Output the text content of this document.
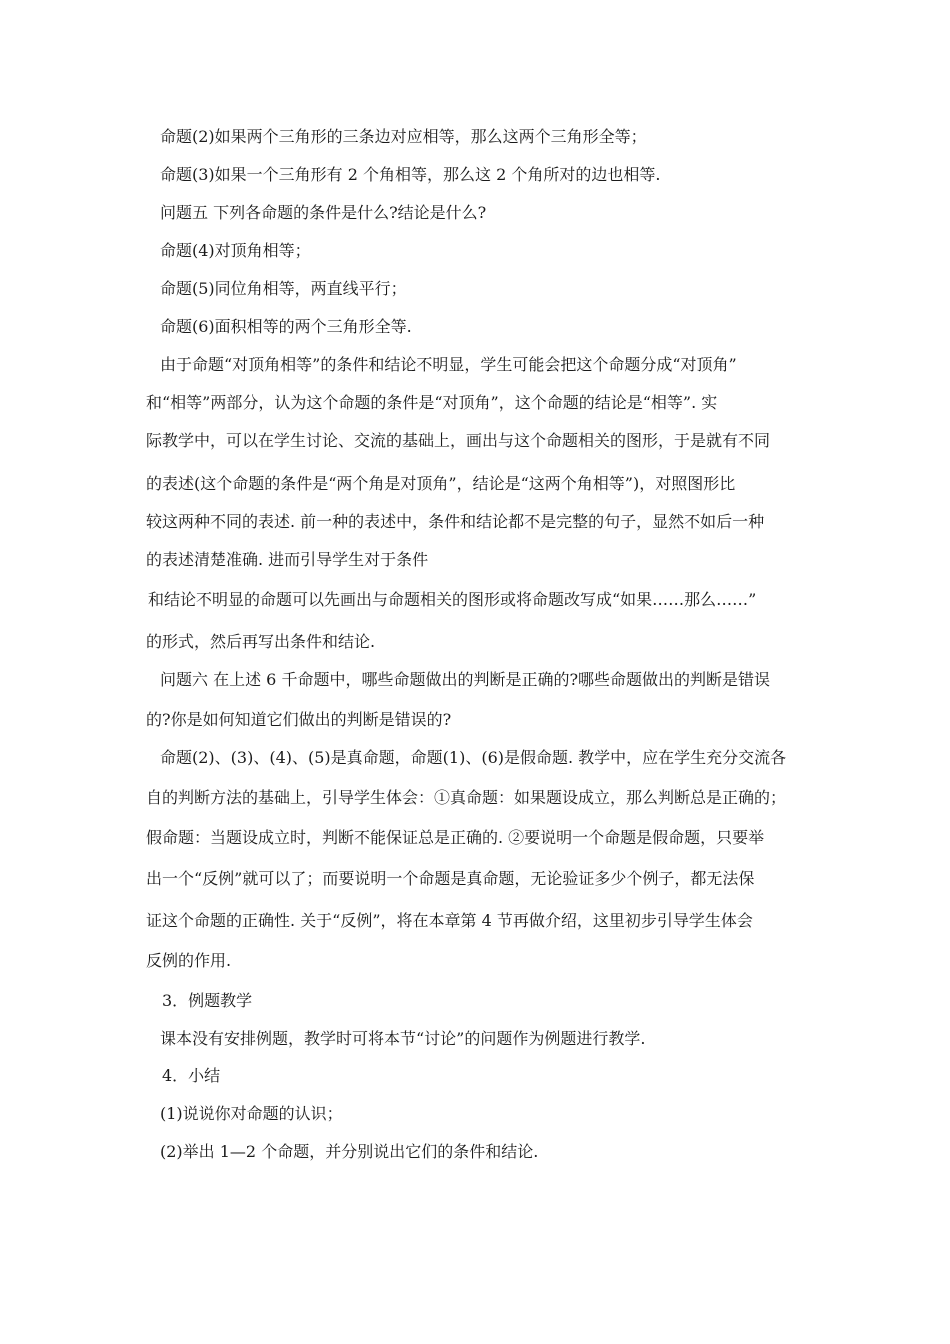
命题(2)如果两个三角形的三条边对应相等，那么这两个三角形全等；
命题(3)如果一个三角形有 2 个角相等，那么这 2 个角所对的边也相等.
问题五 下列各命题的条件是什么?结论是什么?
命题(4)对顶角相等；
命题(5)同位角相等，两直线平行；
命题(6)面积相等的两个三角形全等.
由于命题“对顶角相等”的条件和结论不明显，学生可能会把这个命题分成“对顶角”
和“相等”两部分，认为这个命题的条件是“对顶角”，这个命题的结论是“相等”. 实
际教学中，可以在学生讨论、交流的基础上，画出与这个命题相关的图形，于是就有不同
的表述(这个命题的条件是“两个角是对顶角”，结论是“这两个角相等”)，对照图形比
较这两种不同的表述. 前一种的表述中，条件和结论都不是完整的句子，显然不如后一种
的表述清楚准确. 进而引导学生对于条件
和结论不明显的命题可以先画出与命题相关的图形或将命题改写成“如果……那么……”
的形式，然后再写出条件和结论.
问题六 在上述 6 千命题中，哪些命题做出的判断是正确的?哪些命题做出的判断是错误
的?你是如何知道它们做出的判断是错误的?
命题(2)、(3)、(4)、(5)是真命题，命题(1)、(6)是假命题. 教学中，应在学生充分交流各
自的判断方法的基础上，引导学生体会：①真命题：如果题设成立，那么判断总是正确的；
假命题：当题设成立时，判断不能保证总是正确的. ②要说明一个命题是假命题，只要举
出一个“反例”就可以了；而要说明一个命题是真命题，无论验证多少个例子，都无法保
证这个命题的正确性. 关于“反例”，将在本章第 4 节再做介绍，这里初步引导学生体会
反例的作用.
3．例题教学
课本没有安排例题，教学时可将本节“讨论”的问题作为例题进行教学.
4．小结
(1)说说你对命题的认识；
(2)举出 1—2 个命题，并分别说出它们的条件和结论.
